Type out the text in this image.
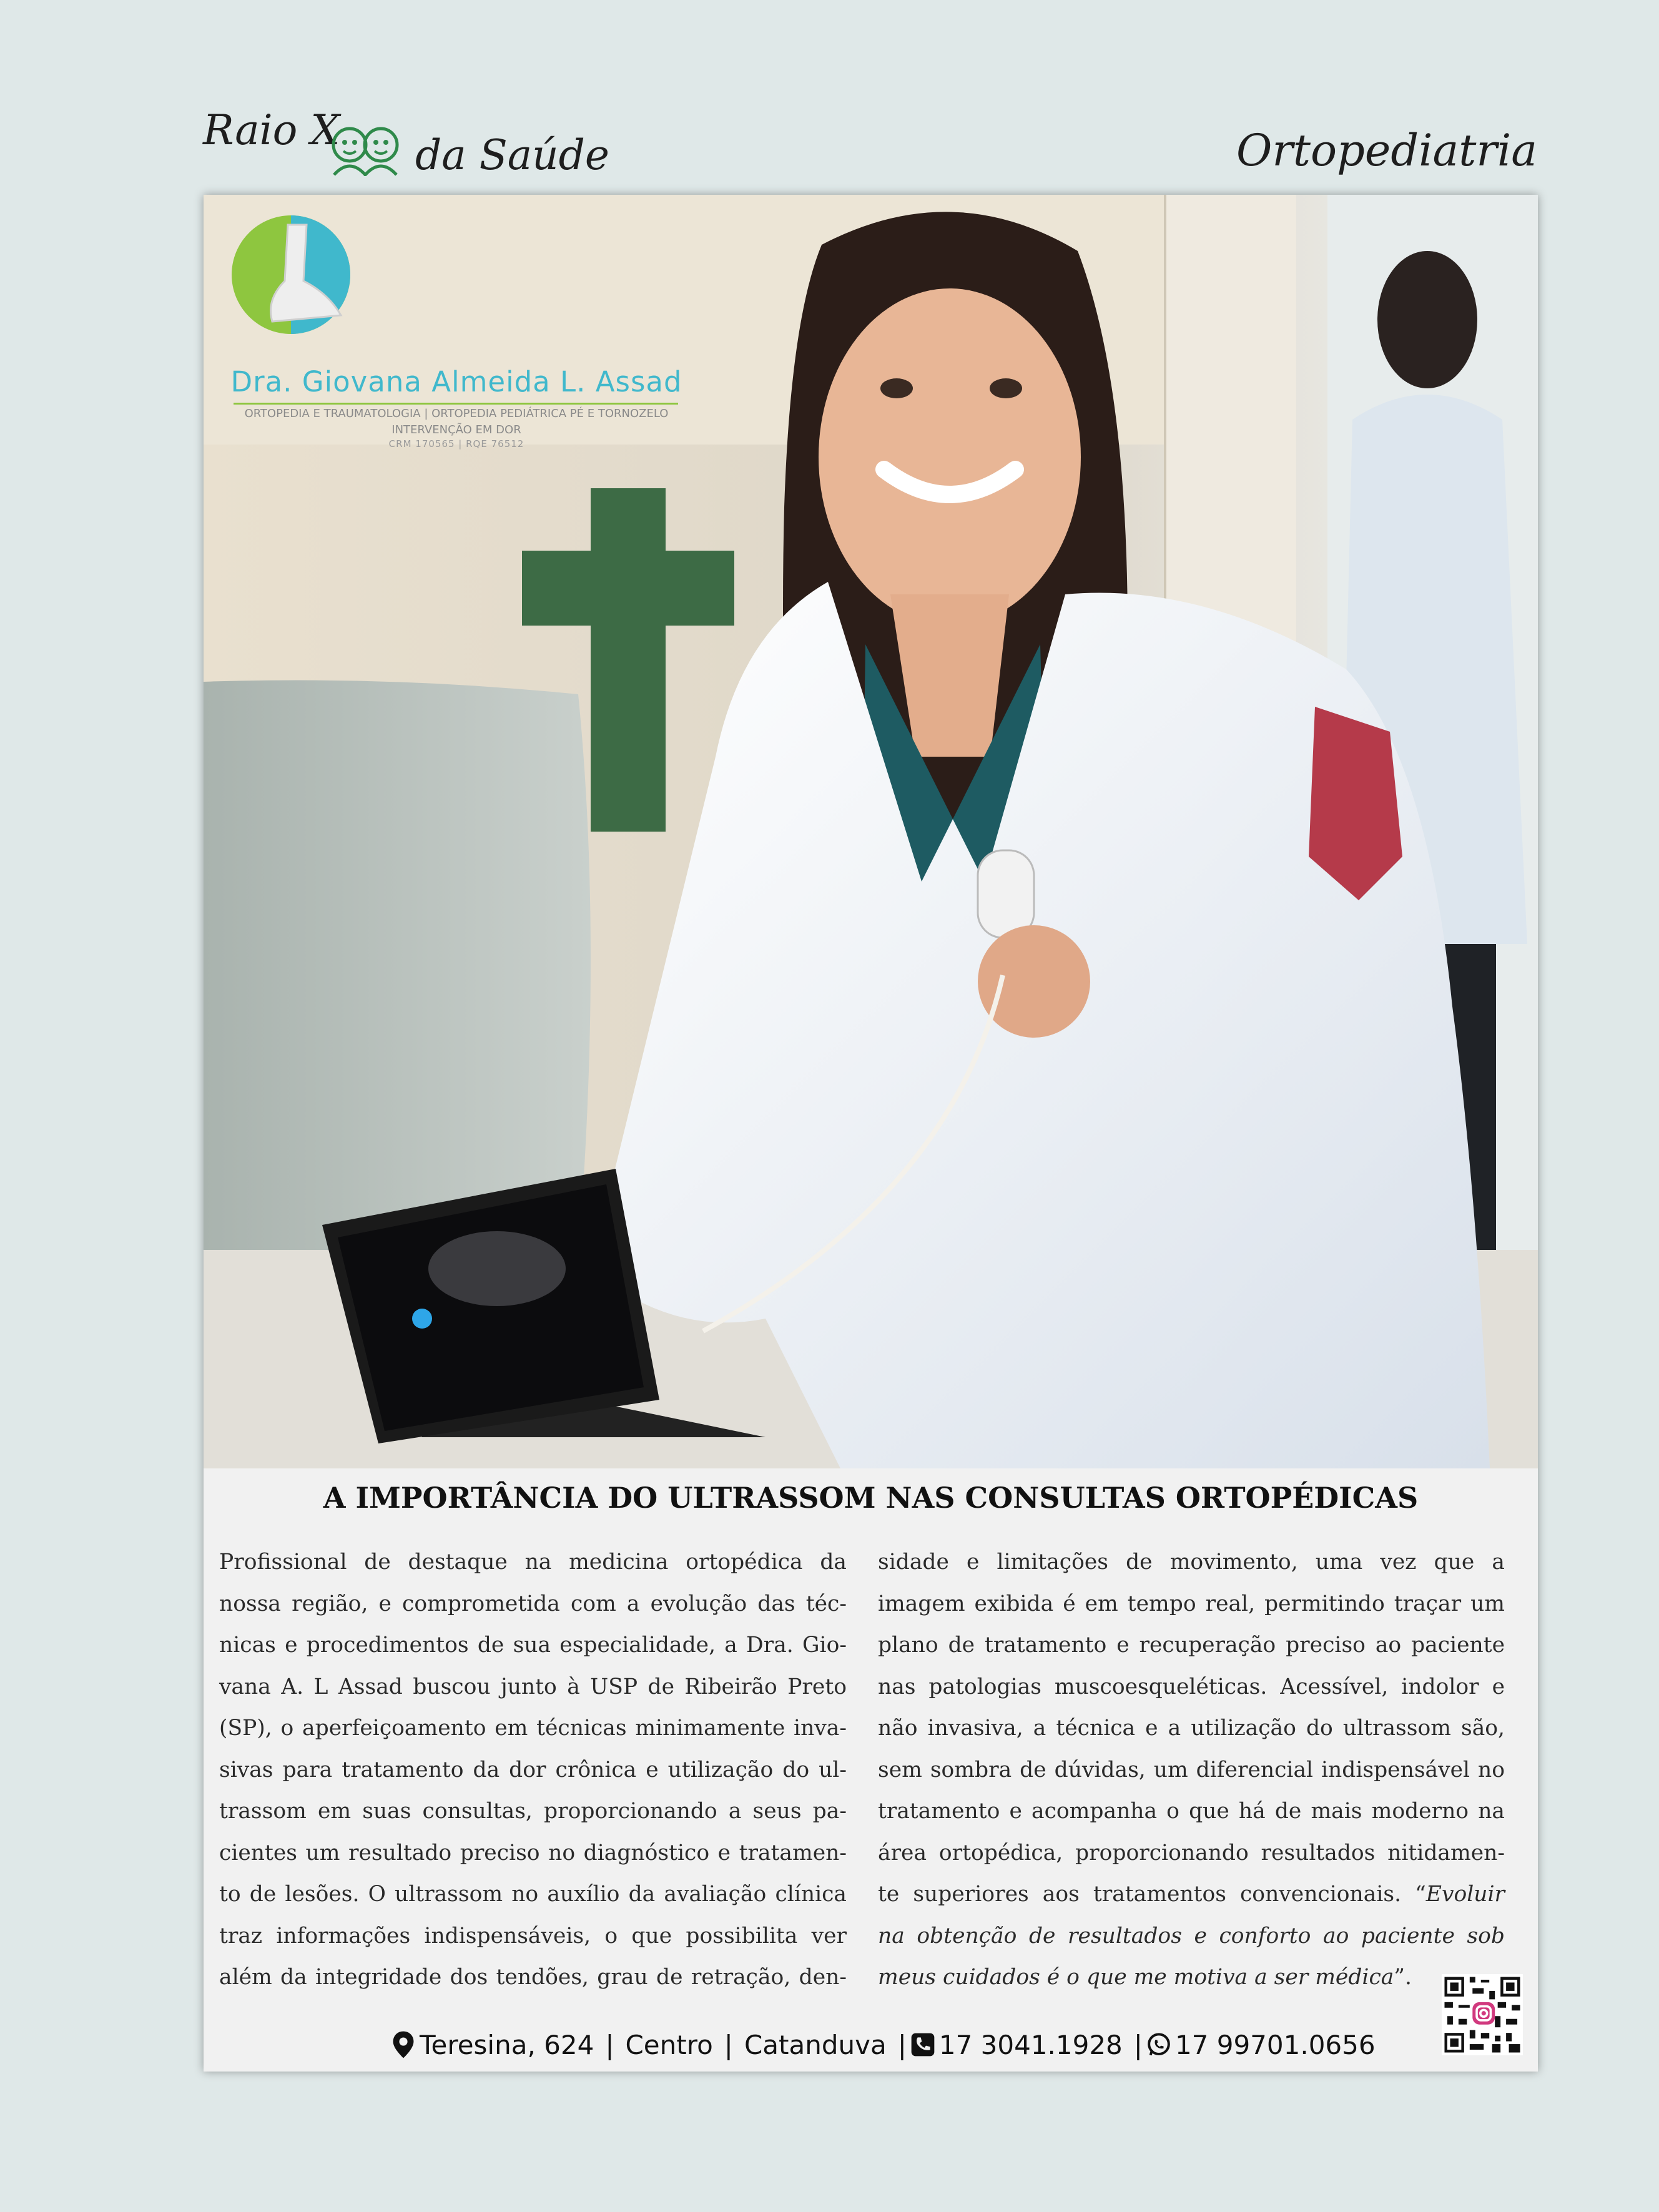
Raio X
da Saúde	Ortopediatria
Dra. Giovana Almeida L. Assad
ORTOPEDIA E TRAUMATOLOGIA | ORTOPEDIA PEDIÁTRICA PÉ E TORNOZELO
INTERVENÇÃO EM DOR
CRM 170565 | RQE 76512
A IMPORTÂNCIA DO ULTRASSOM NAS CONSULTAS ORTOPÉDICAS
Profissional de destaque na medicina ortopédica da
nossa região, e comprometida com a evolução das téc-
nicas e procedimentos de sua especialidade, a Dra. Gio-
vana A. L Assad buscou junto à USP de Ribeirão Preto
(SP), o aperfeiçoamento em técnicas minimamente inva-
sivas para tratamento da dor crônica e utilização do ul-
trassom em suas consultas, proporcionando a seus pa-
cientes um resultado preciso no diagnóstico e tratamen-
to de lesões. O ultrassom no auxílio da avaliação clínica
traz informações indispensáveis, o que possibilita ver
além da integridade dos tendões, grau de retração, den-
sidade e limitações de movimento, uma vez que a
imagem exibida é em tempo real, permitindo traçar um
plano de tratamento e recuperação preciso ao paciente
nas patologias muscoesqueléticas. Acessível, indolor e
não invasiva, a técnica e a utilização do ultrassom são,
sem sombra de dúvidas, um diferencial indispensável no
tratamento e acompanha o que há de mais moderno na
área ortopédica, proporcionando resultados nitidamen-
te superiores aos tratamentos convencionais. “Evoluir
na obtenção de resultados e conforto ao paciente sob
meus cuidados é o que me motiva a ser médica”.
Teresina, 624 | Centro | Catanduva | 17 3041.1928 | 17 99701.0656
